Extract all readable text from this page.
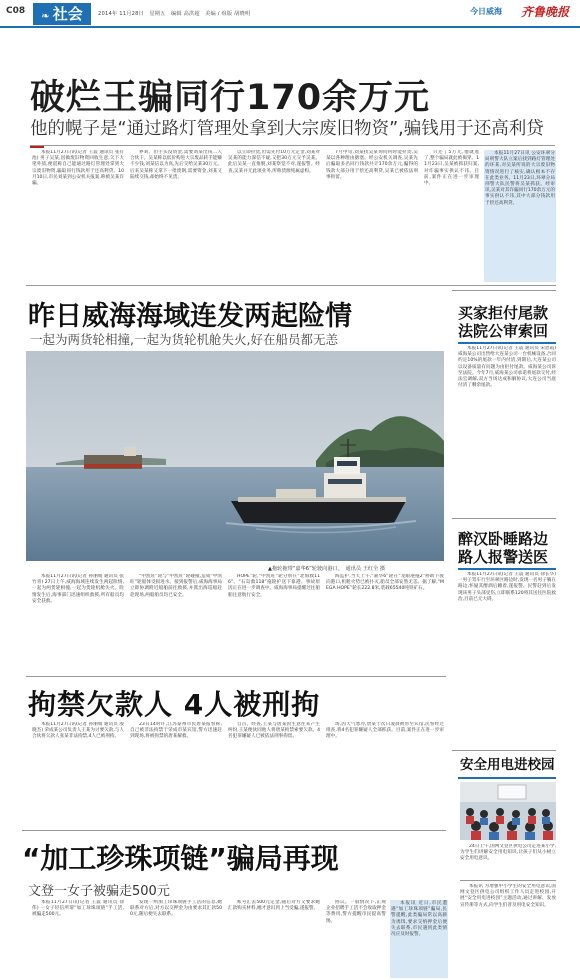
C08	❧ 社会	2014年 11月28日　星期五　编辑 高洪超　美编 / 组版 胡晓明	今日威海 齐鲁晚报
破烂王骗同行170余万元
他的幌子是“通过路灯管理处拿到大宗废旧物资”,骗钱用于还高利贷

本报11月27日讯(记者 王震 通讯员 张有池) 男子吴某,因做废旧物资回收生意,欠下大笔外债,便谎称自己能通过路灯管理处拿到大宗废旧物资,骗取同行钱款用于还高利贷。10月10日,市民刘某到公安机关报案,称被吴某诈骗。

界刘、但手头没资金,需要刘某出钱二人合伙干。吴某称以低价购进大宗废品转手能赚不少钱,刘某信以为真,先后交给吴某30万元。后来吴某称又拿下一批废钢,需要资金,刘某又陆续交钱,却始终不见货。

以立即拉货,但需先付10万元定金,刘某对吴某的能力深信不疑,又把30万元交予吴某。此后吴某一直推脱,刘某察觉不对,遂报警。经查,吴某并无此项业务,所称货源纯属虚构。

7月中旬,刘某找吴某询问何时能拉货,吴某以各种理由搪塞。经公安机关调查,吴某先后骗取多名同行钱款共计170余万元,骗得的钱款大部分用于偿还高利贷,吴某已被依法刑事拘留。

只还了5万元,他就逃了,整个骗局就此被揭穿。11月23日,吴某被抓获归案,对诈骗事实供认不讳。目前,案件正在进一步审理中。

本报11月27日讯 公安环翠分局刑警大队立案后找到路灯管理处的环某,对吴某所说的大宗废旧物资情况进行了核实,确认根本不存在此类业务。11月23日,环翠分局刑警大队民警将吴某抓获。经审讯,吴某对其诈骗同行170余万元的事实供认不讳,其中大部分钱款用于偿还高利贷。

昨日威海海域连发两起险情
一起为两货轮相撞,一起为货轮机舱失火,好在船员都无恙
▲拖轮拖带“嘉华6”轮驶向港口。　通讯员 王红全 摄

本报11月27日讯(记者 孙丽娟 通讯员 张竹青) 27日上午,威海海域连续发生两起险情,一起为两货轮相撞,一起为货轮机舱失火。险情发生后,海事部门迅速组织救援,所有船员均安全获救。

“中凯旺”轮与“中凯旺”轮碰撞,造成“中凯旺”轮船体受损进水。接到报警后,威海海事局立即协调附近船舶前往救援,并派出海巡船赶赴现场,两船船员均已安全。

HOPE”轮,“中凯旺”轮分别在“北海救116”、“石岛救118”拖轮护送下靠港。事故原因正在进一步调查中。威海海事局提醒过往船舶注意航行安全。

海监护,当天上午,“嘉华6”轮在“龙眼港拖2”协助下驶向港口,机舱火势已被扑灭,船员全部安然无恙。据了解,“MEGA HOPE”轮长222.8米,装载65540吨铁矿石。

买家拒付尾款
法院公审索回

本报11月27日讯(记者 王震 通讯员 宋恩霞) 威海某公司出售给大连某公司一台机械设备,合同约定10%的尾款一年内付清,到期后,大连某公司以设备质量有问题为由拒付尾款。威海某公司诉至法院。今年7月,威海某公司承诺将尾款交付,经法官调解,双方当场达成和解协议,大连公司当庭付清了剩余尾款。

醉汉卧睡路边
路人报警送医

本报11月27日讯(记者 王震 通讯员 徐长华) 一男子驾车行至环翠区路边时,发现一名男子躺在路边,怀疑其醉酒后睡着,遂报警。民警赶到后发现该男子头部受伤,立即联系120将其送往医院救治,目前已无大碍。

拘禁欠款人 4人被刑拘

本报11月27日讯(记者 孙丽娟 通讯员 殷晓杰) 荣成某公司负责人王某为讨要欠款,与人合伙将欠款人张某非法拘禁,4人已被刑拘。

23日14时许,江苏泰州市民唐某报警称,自己被非法拘禁于荣成市某宾馆,警方迅速赶到现场,将被拘禁的唐某解救。

自首。经查,王某与唐某因生意往来产生纠纷,王某便伙同他人将唐某拘禁索要欠款。4名犯罪嫌疑人已被依法刑事拘留。

场,因天气寒冷,唐某于次日凌晨被带至宾馆,民警经过排查,将4名犯罪嫌疑人全部抓获。目前,案件正在进一步审理中。

安全用电进校园

24日上午,国网文登区供电公司走进某小学,为学生们讲解安全用电知识,让孩子们从小树立安全用电意识。

本报讯 为增强中小学生的安全用电意识,国网文登区供电公司组织工作人员走进校园,开展“安全用电进校园”主题活动,通过讲解、发放宣传册等方式,向学生们普及用电安全知识。

“加工珍珠项链”骗局再现
文登一女子被骗走500元

本报11月27日讯(记者 王震 通讯员 徐伟) 一女子轻信所谓“加工珍珠项链”手工活,被骗走500元。

发现一则加工珍珠项链手工活的信息,她联系对方后,对方以交押金为由要求其汇款500元,随后便失去联系。

账号汇去500元定金,随后对方又要求她汇款购买材料,她才意识到上当受骗,遂报警。

协议。一般情况下,正规企业招聘手工活不会收取押金等费用,警方提醒市民提高警惕。

本报讯 近日,市民遭遇“加工珍珠项链”骗局,民警提醒,此类骗局常以高薪为诱饵,要求交纳押金后便失去联系,市民遇到此类情况应及时报警。
